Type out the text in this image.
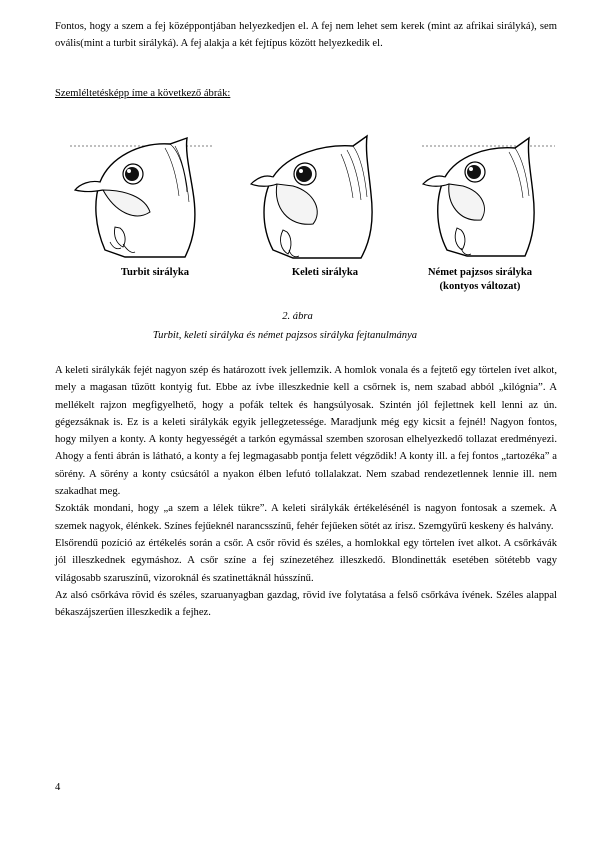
Fontos, hogy a szem a fej középpontjában helyezkedjen el. A fej nem lehet sem kerek (mint az afrikai sirályká), sem ovális(mint a turbit sirályká). A fej alakja a két fejtípus között helyezkedik el.

Szemléltetésképp íme a következő ábrák:

Turbit sirályka	Keleti sirályka	Német pajzsos sirályka
(kontyos változat)
2. ábra
Turbit, keleti sirályka és német pajzsos sirályka fejtanulmánya

A keleti sirálykák fejét nagyon szép és határozott ívek jellemzik. A homlok vonala és a fejtető egy törtelen ívet alkot, mely a magasan tűzött kontyig fut. Ebbe az ívbe illeszkednie kell a csőrnek is, nem szabad abból „kilógnia”. A mellékelt rajzon megfigyelhető, hogy a pofák teltek és hangsúlyosak. Szintén jól fejlettnek kell lenni az ún. gégezsáknak is. Ez is a keleti sirálykák egyik jellegzetessége. Maradjunk még egy kicsit a fejnél! Nagyon fontos, hogy milyen a konty. A konty hegyességét a tarkón egymással szemben szorosan elhelyezkedő tollazat eredményezi. Ahogy a fenti ábrán is látható, a konty a fej legmagasabb pontja felett végződik! A konty ill. a fej fontos „tartozéka” a sörény. A sörény a konty csúcsától a nyakon élben lefutó tollalakzat. Nem szabad rendezetlennek lennie ill. nem szakadhat meg.

Szokták mondani, hogy „a szem a lélek tükre”. A keleti sirálykák értékelésénél is nagyon fontosak a szemek. A szemek nagyok, élénkek. Színes fejűeknél narancsszínű, fehér fejűeken sötét az írisz. Szemgyűrű keskeny és halvány.

Elsőrendű pozíció az értékelés során a csőr. A csőr rövid és széles, a homlokkal egy törtelen ívet alkot. A csőrkávák jól illeszkednek egymáshoz. A csőr színe a fej színezetéhez illeszkedő. Blondinetták esetében sötétebb vagy világosabb szaruszínű, vizoroknál és szatinettáknál hússzínű.

Az alsó csőrkáva rövid és széles, szaruanyagban gazdag, rövid íve folytatása a felső csőrkáva ívének. Széles alappal békaszájszerűen illeszkedik a fejhez.

4
